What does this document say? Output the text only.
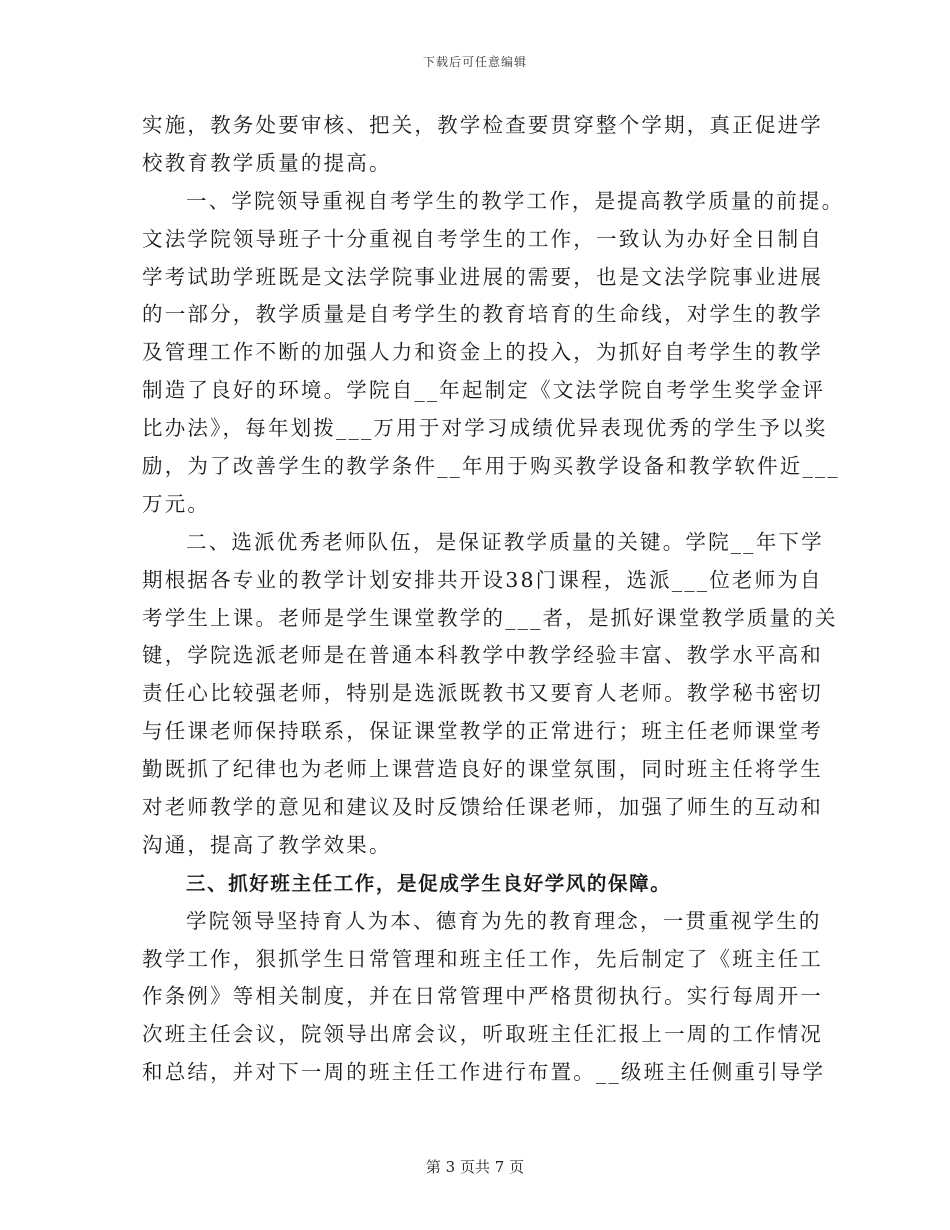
下载后可任意编辑
实施，教务处要审核、把关，教学检查要贯穿整个学期，真正促进学
校教育教学质量的提高。
一、学院领导重视自考学生的教学工作，是提高教学质量的前提。
文法学院领导班子十分重视自考学生的工作，一致认为办好全日制自
学考试助学班既是文法学院事业进展的需要，也是文法学院事业进展
的一部分，教学质量是自考学生的教育培育的生命线，对学生的教学
及管理工作不断的加强人力和资金上的投入，为抓好自考学生的教学
制造了良好的环境。学院自__年起制定《文法学院自考学生奖学金评
比办法》，每年划拨___万用于对学习成绩优异表现优秀的学生予以奖
励，为了改善学生的教学条件__年用于购买教学设备和教学软件近___
万元。
二、选派优秀老师队伍，是保证教学质量的关键。学院__年下学
期根据各专业的教学计划安排共开设38门课程，选派___位老师为自
考学生上课。老师是学生课堂教学的___者，是抓好课堂教学质量的关
键，学院选派老师是在普通本科教学中教学经验丰富、教学水平高和
责任心比较强老师，特别是选派既教书又要育人老师。教学秘书密切
与任课老师保持联系，保证课堂教学的正常进行；班主任老师课堂考
勤既抓了纪律也为老师上课营造良好的课堂氛围，同时班主任将学生
对老师教学的意见和建议及时反馈给任课老师，加强了师生的互动和
沟通，提高了教学效果。
三、抓好班主任工作，是促成学生良好学风的保障。
学院领导坚持育人为本、德育为先的教育理念，一贯重视学生的
教学工作，狠抓学生日常管理和班主任工作，先后制定了《班主任工
作条例》等相关制度，并在日常管理中严格贯彻执行。实行每周开一
次班主任会议，院领导出席会议，听取班主任汇报上一周的工作情况
和总结，并对下一周的班主任工作进行布置。__级班主任侧重引导学
第 3 页共 7 页
